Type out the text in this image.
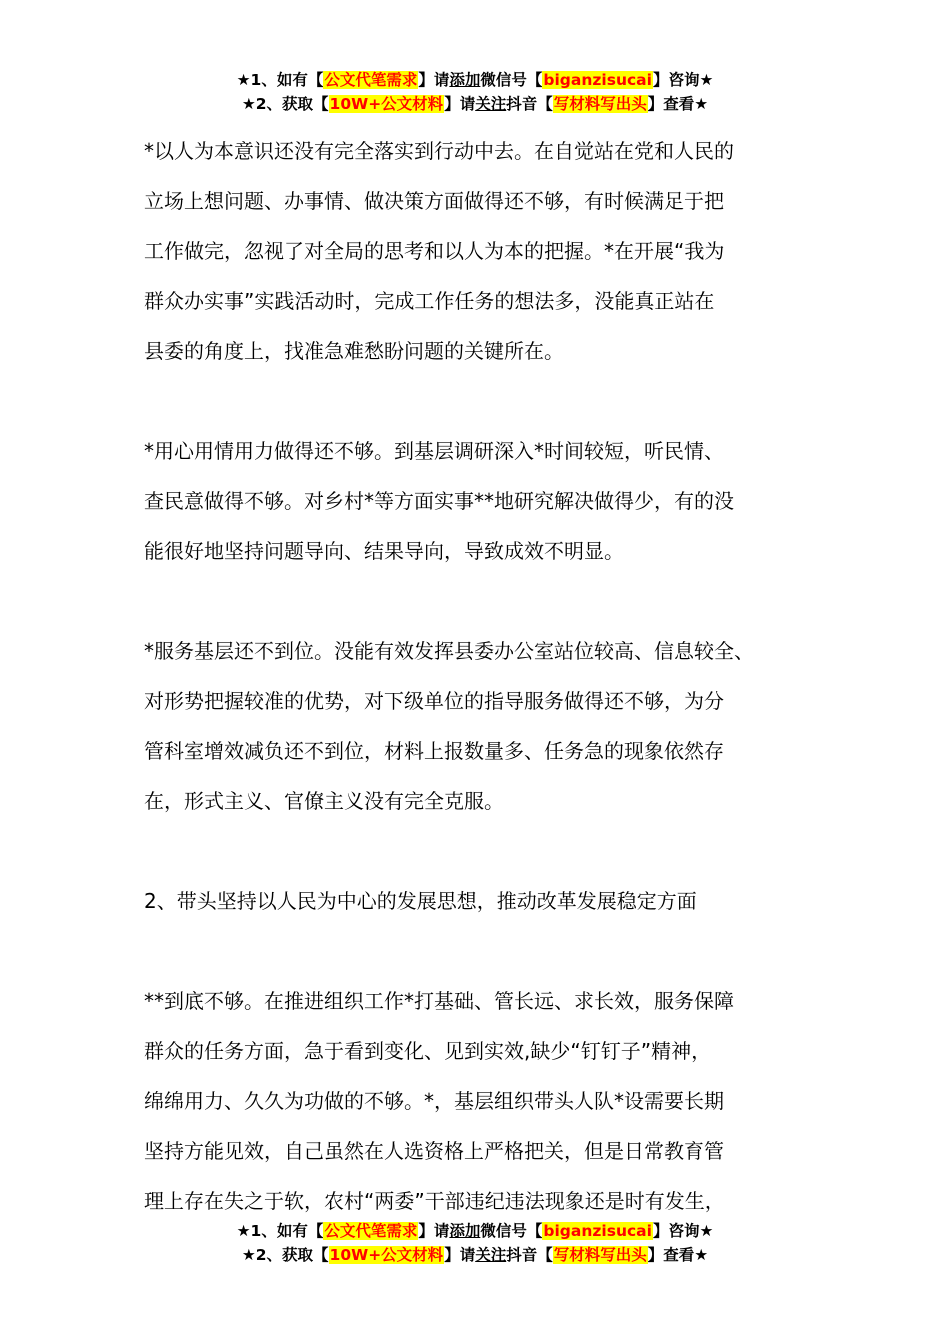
★1、如有【公文代笔需求】请添加微信号【biganzisucai】咨询★
★2、获取【10W+公文材料】请关注抖音【写材料写出头】查看★

*以人为本意识还没有完全落实到行动中去。在自觉站在党和人民的
立场上想问题、办事情、做决策方面做得还不够，有时候满足于把
工作做完，忽视了对全局的思考和以人为本的把握。*在开展“我为
群众办实事”实践活动时，完成工作任务的想法多，没能真正站在
县委的角度上，找准急难愁盼问题的关键所在。

*用心用情用力做得还不够。到基层调研深入*时间较短，听民情、
查民意做得不够。对乡村*等方面实事**地研究解决做得少，有的没
能很好地坚持问题导向、结果导向，导致成效不明显。

*服务基层还不到位。没能有效发挥县委办公室站位较高、信息较全、
对形势把握较准的优势，对下级单位的指导服务做得还不够，为分
管科室增效减负还不到位，材料上报数量多、任务急的现象依然存
在，形式主义、官僚主义没有完全克服。

2、带头坚持以人民为中心的发展思想，推动改革发展稳定方面

**到底不够。在推进组织工作*打基础、管长远、求长效，服务保障
群众的任务方面，急于看到变化、见到实效,缺少“钉钉子”精神，
绵绵用力、久久为功做的不够。*，基层组织带头人队*设需要长期
坚持方能见效，自己虽然在人选资格上严格把关，但是日常教育管
理上存在失之于软，农村“两委”干部违纪违法现象还是时有发生，

★1、如有【公文代笔需求】请添加微信号【biganzisucai】咨询★
★2、获取【10W+公文材料】请关注抖音【写材料写出头】查看★
